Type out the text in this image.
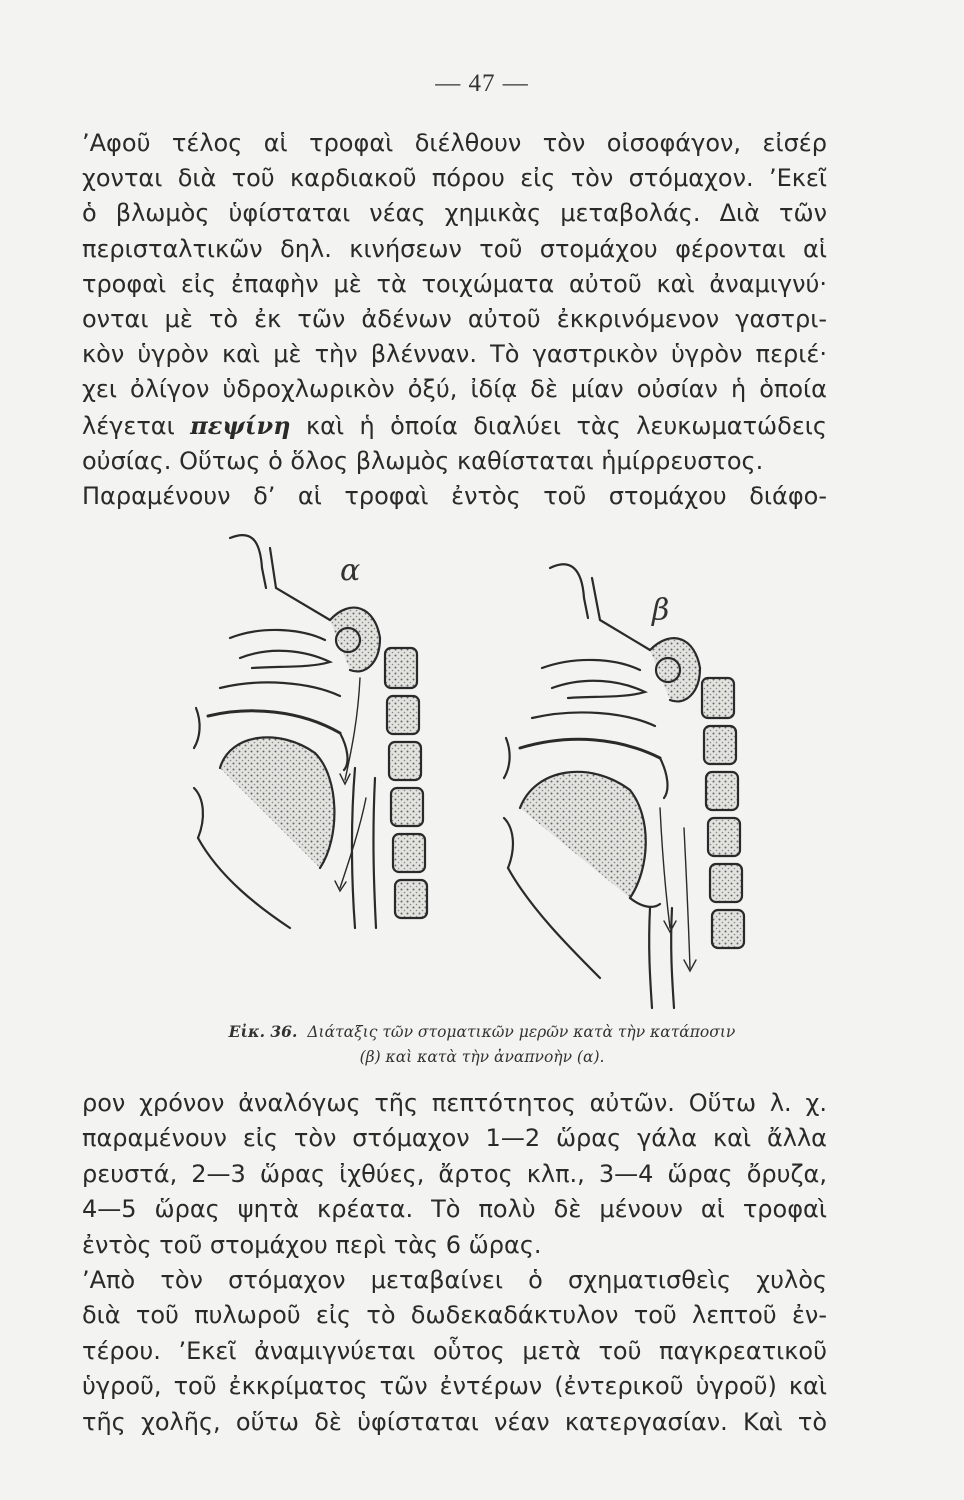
— 47 —
’Αφοῦ τέλος αἱ τροφαὶ διέλθουν τὸν οἰσοφάγον, εἰσέρ
χονται διὰ τοῦ καρδιακοῦ πόρου εἰς τὸν στόμαχον. ’Εκεῖ
ὁ βλωμὸς ὑφίσταται νέας χημικὰς μεταβολάς. Διὰ τῶν
περισταλτικῶν δηλ. κινήσεων τοῦ στομάχου φέρονται αἱ
τροφαὶ εἰς ἐπαφὴν μὲ τὰ τοιχώματα αὐτοῦ καὶ ἀναμιγνύ·
ονται μὲ τὸ ἐκ τῶν ἀδένων αὐτοῦ ἐκκρινόμενον γαστρι-
κὸν ὑγρὸν καὶ μὲ τὴν βλένναν. Τὸ γαστρικὸν ὑγρὸν περιέ·
χει ὀλίγον ὑδροχλωρικὸν ὀξύ, ἰδίᾳ δὲ μίαν οὐσίαν ἡ ὁποία
λέγεται πεψίνη καὶ ἡ ὁποία διαλύει τὰς λευκωματώδεις
οὐσίας. Οὕτως ὁ ὅλος βλωμὸς καθίσταται ἡμίρρευστος.
Παραμένουν δ’ αἱ τροφαὶ ἐντὸς τοῦ στομάχου διάφο-
α
β
Εἰκ. 36. Διάταξις τῶν στοματικῶν μερῶν κατὰ τὴν κατάποσιν
(β) καὶ κατὰ τὴν ἀναπνοὴν (α).
ρον χρόνον ἀναλόγως τῆς πεπτότητος αὐτῶν. Οὕτω λ. χ.
παραμένουν εἰς τὸν στόμαχον 1—2 ὥρας γάλα καὶ ἄλλα
ρευστά, 2—3 ὥρας ἰχθύες, ἄρτος κλπ., 3—4 ὥρας ὄρυζα,
4—5 ὥρας ψητὰ κρέατα. Τὸ πολὺ δὲ μένουν αἱ τροφαὶ
ἐντὸς τοῦ στομάχου περὶ τὰς 6 ὥρας.
’Απὸ τὸν στόμαχον μεταβαίνει ὁ σχηματισθεὶς χυλὸς
διὰ τοῦ πυλωροῦ εἰς τὸ δωδεκαδάκτυλον τοῦ λεπτοῦ ἐν-
τέρου. ’Εκεῖ ἀναμιγνύεται οὗτος μετὰ τοῦ παγκρεατικοῦ
ὑγροῦ, τοῦ ἐκκρίματος τῶν ἐντέρων (ἐντερικοῦ ὑγροῦ) καὶ
τῆς χολῆς, οὕτω δὲ ὑφίσταται νέαν κατεργασίαν. Καὶ τὸ
